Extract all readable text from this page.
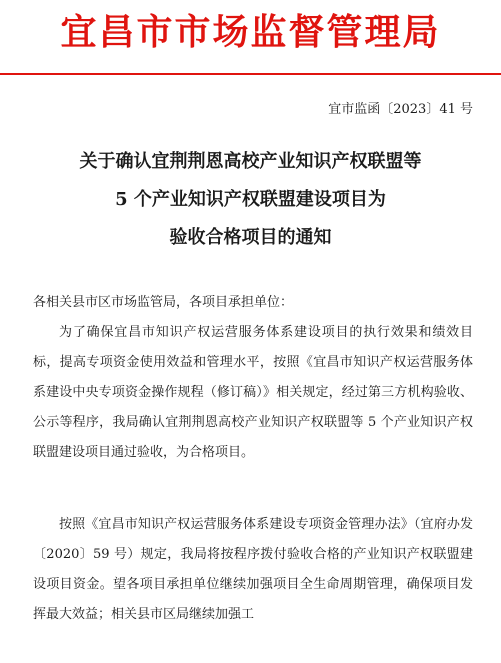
宜昌市市场监督管理局
宜市监函〔2023〕41 号
关于确认宜荆荆恩高校产业知识产权联盟等
5 个产业知识产权联盟建设项目为
验收合格项目的通知
各相关县市区市场监管局，各项目承担单位：
为了确保宜昌市知识产权运营服务体系建设项目的执行效果和绩效目标，提高专项资金使用效益和管理水平，按照《宜昌市知识产权运营服务体系建设中央专项资金操作规程（修订稿）》相关规定，经过第三方机构验收、公示等程序，我局确认宜荆荆恩高校产业知识产权联盟等 5 个产业知识产权联盟建设项目通过验收，为合格项目。
按照《宜昌市知识产权运营服务体系建设专项资金管理办法》（宜府办发〔2020〕59 号）规定，我局将按程序拨付验收合格的产业知识产权联盟建设项目资金。望各项目承担单位继续加强项目全生命周期管理，确保项目发挥最大效益；相关县市区局继续加强工
